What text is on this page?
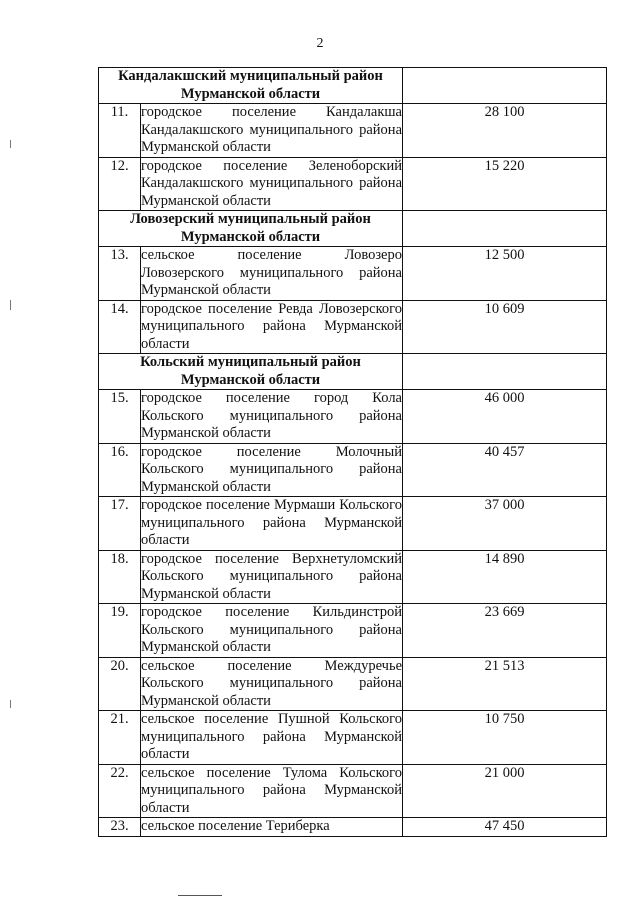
2
Кандалакшский муниципальный район Мурманской области		
11.	городское поселение Кандалакша Кандалакшского муниципального района Мурманской области	28 100
12.	городское поселение Зеленоборский Кандалакшского муниципального района Мурманской области	15 220
Ловозерский муниципальный район Мурманской области		
13.	сельское поселение Ловозеро Ловозерского муниципального района Мурманской области	12 500
14.	городское поселение Ревда Ловозерского муниципального района Мурманской области	10 609
Кольский муниципальный район Мурманской области		
15.	городское поселение город Кола Кольского муниципального района Мурманской области	46 000
16.	городское поселение Молочный Кольского муниципального района Мурманской области	40 457
17.	городское поселение Мурмаши Кольского муниципального района Мурманской области	37 000
18.	городское поселение Верхнетуломский Кольского муниципального района Мурманской области	14 890
19.	городское поселение Кильдинстрой Кольского муниципального района Мурманской области	23 669
20.	сельское поселение Междуречье Кольского муниципального района Мурманской области	21 513
21.	сельское поселение Пушной Кольского муниципального района Мурманской области	10 750
22.	сельское поселение Тулома Кольского муниципального района Мурманской области	21 000
23.	сельское поселение Териберка	47 450
